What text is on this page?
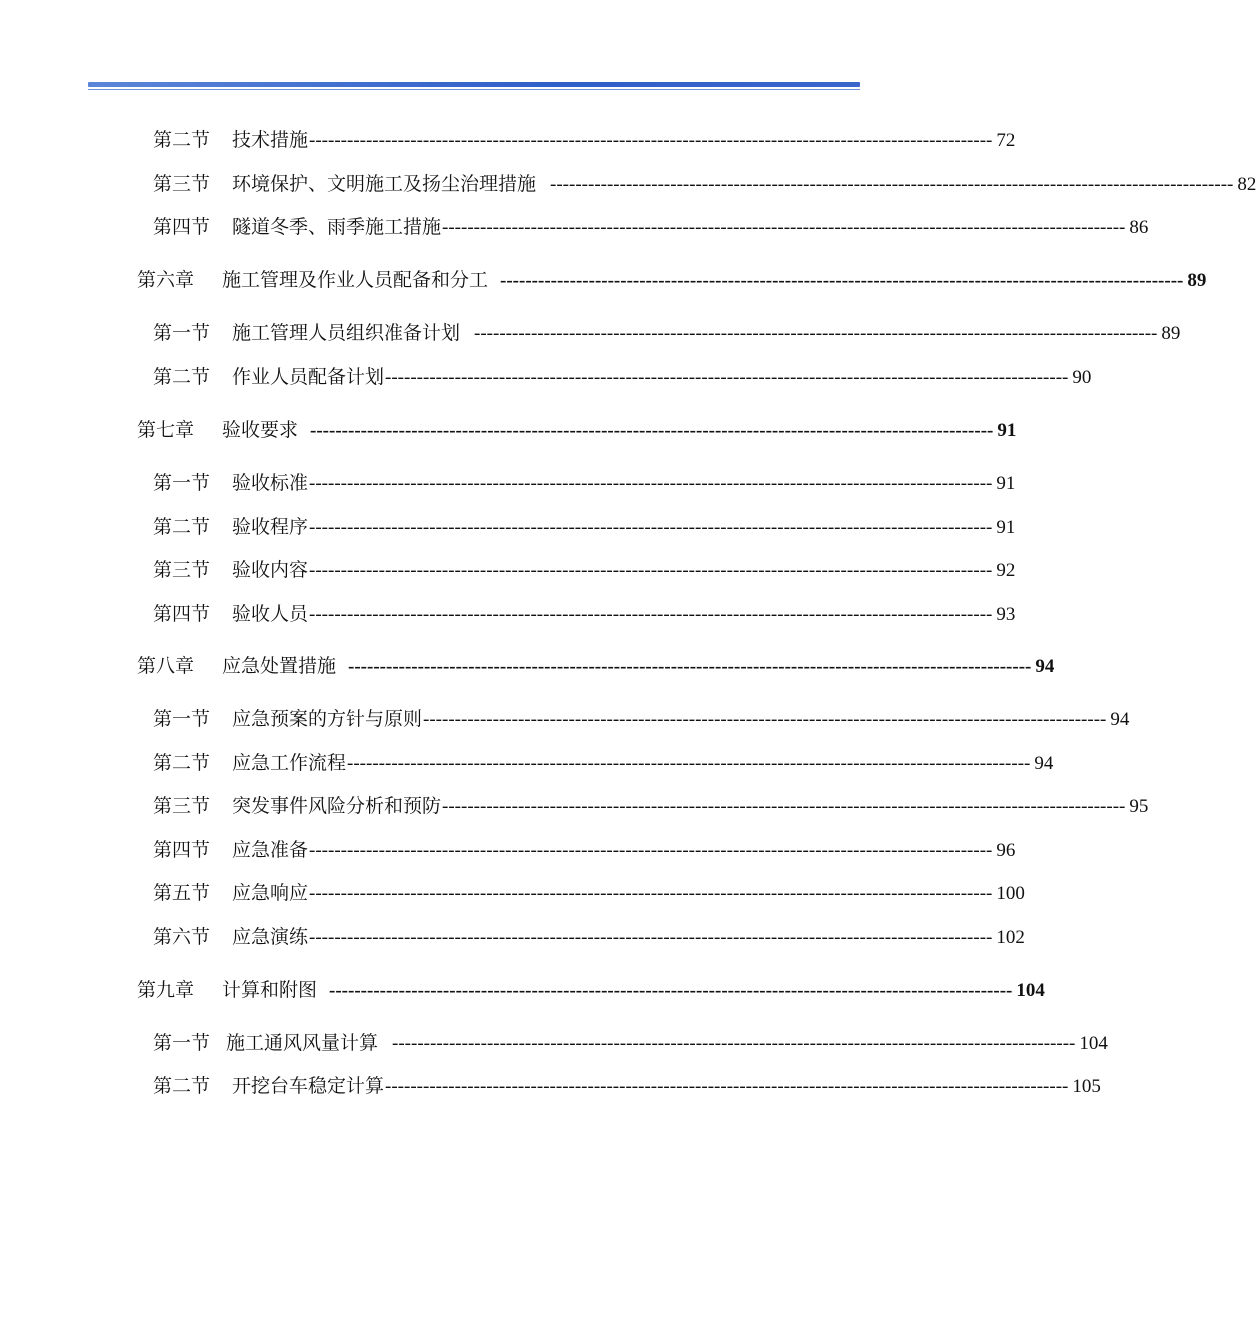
第二节 技术措施 ------------------------------------------------------------------------------------------------------------ 72
第三节 环境保护、文明施工及扬尘治理措施 ------------------------------------------------------------------------------------------------------------ 82
第四节 隧道冬季、雨季施工措施 ------------------------------------------------------------------------------------------------------------ 86
第六章 施工管理及作业人员配备和分工 ------------------------------------------------------------------------------------------------------------ 89
第一节 施工管理人员组织准备计划 ------------------------------------------------------------------------------------------------------------ 89
第二节 作业人员配备计划 ------------------------------------------------------------------------------------------------------------ 90
第七章 验收要求 ------------------------------------------------------------------------------------------------------------ 91
第一节 验收标准 ------------------------------------------------------------------------------------------------------------ 91
第二节 验收程序 ------------------------------------------------------------------------------------------------------------ 91
第三节 验收内容 ------------------------------------------------------------------------------------------------------------ 92
第四节 验收人员 ------------------------------------------------------------------------------------------------------------ 93
第八章 应急处置措施 ------------------------------------------------------------------------------------------------------------ 94
第一节 应急预案的方针与原则 ------------------------------------------------------------------------------------------------------------ 94
第二节 应急工作流程 ------------------------------------------------------------------------------------------------------------ 94
第三节 突发事件风险分析和预防 ------------------------------------------------------------------------------------------------------------ 95
第四节 应急准备 ------------------------------------------------------------------------------------------------------------ 96
第五节 应急响应 ------------------------------------------------------------------------------------------------------------ 100
第六节 应急演练 ------------------------------------------------------------------------------------------------------------ 102
第九章 计算和附图 ------------------------------------------------------------------------------------------------------------ 104
第一节 施工通风风量计算 ------------------------------------------------------------------------------------------------------------ 104
第二节 开挖台车稳定计算 ------------------------------------------------------------------------------------------------------------ 105
